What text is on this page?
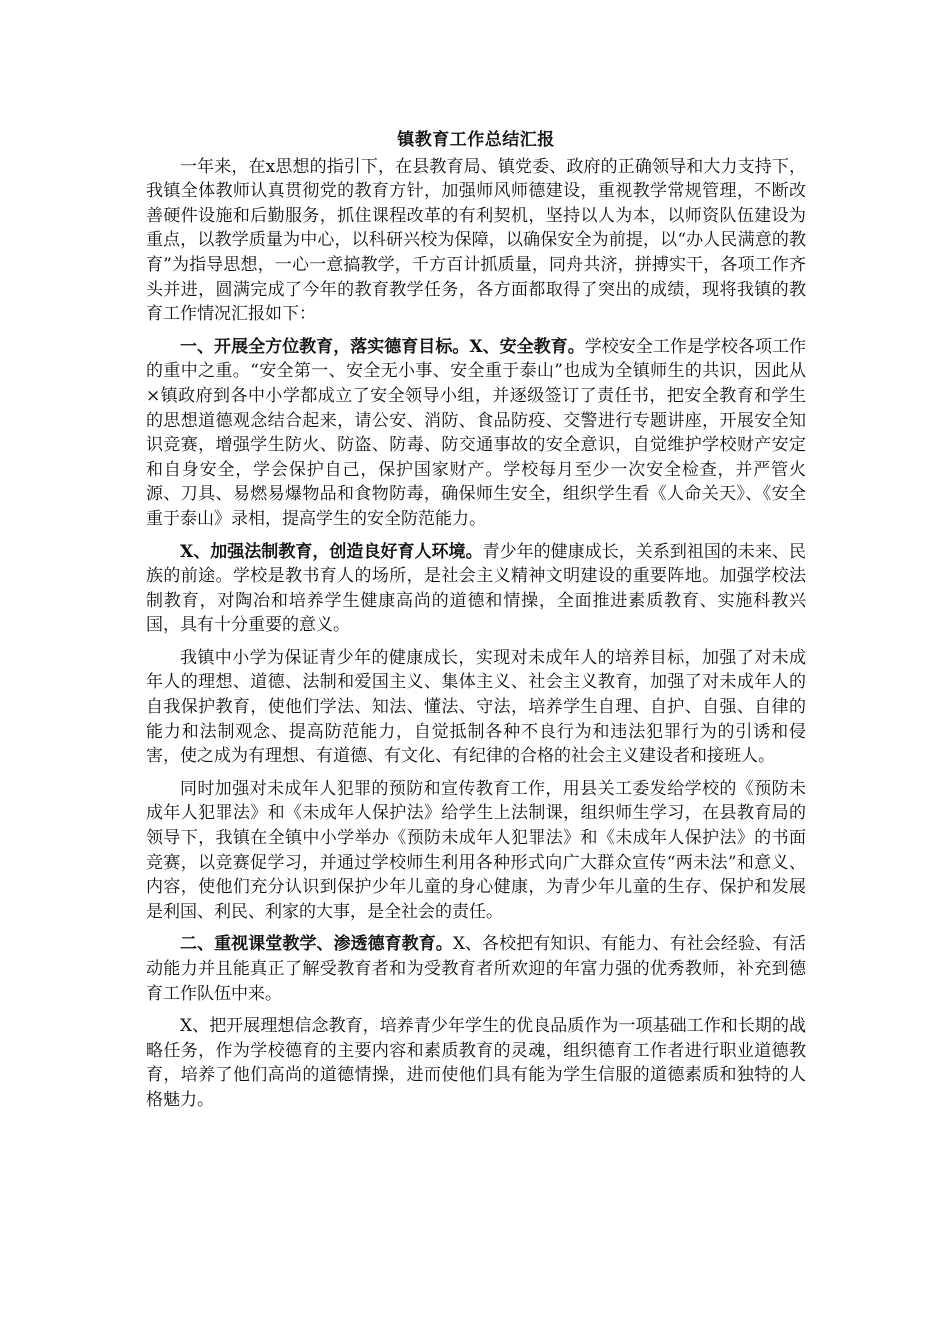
镇教育工作总结汇报

一年来，在x思想的指引下，在县教育局、镇党委、政府的正确领导和大力支持下，我镇全体教师认真贯彻党的教育方针，加强师风师德建设，重视教学常规管理，不断改善硬件设施和后勤服务，抓住课程改革的有利契机，坚持以人为本，以师资队伍建设为重点，以教学质量为中心，以科研兴校为保障，以确保安全为前提，以“办人民满意的教育”为指导思想，一心一意搞教学，千方百计抓质量，同舟共济，拼搏实干，各项工作齐头并进，圆满完成了今年的教育教学任务，各方面都取得了突出的成绩，现将我镇的教育工作情况汇报如下：

一、开展全方位教育，落实德育目标。X、安全教育。学校安全工作是学校各项工作的重中之重。“安全第一、安全无小事、安全重于泰山”也成为全镇师生的共识，因此从×镇政府到各中小学都成立了安全领导小组，并逐级签订了责任书，把安全教育和学生的思想道德观念结合起来，请公安、消防、食品防疫、交警进行专题讲座，开展安全知识竞赛，增强学生防火、防盗、防毒、防交通事故的安全意识，自觉维护学校财产安定和自身安全，学会保护自己，保护国家财产。学校每月至少一次安全检查，并严管火源、刀具、易燃易爆物品和食物防毒，确保师生安全，组织学生看《人命关天》、《安全重于泰山》录相，提高学生的安全防范能力。

X、加强法制教育，创造良好育人环境。青少年的健康成长，关系到祖国的未来、民族的前途。学校是教书育人的场所，是社会主义精神文明建设的重要阵地。加强学校法制教育，对陶冶和培养学生健康高尚的道德和情操，全面推进素质教育、实施科教兴国，具有十分重要的意义。

我镇中小学为保证青少年的健康成长，实现对未成年人的培养目标，加强了对未成年人的理想、道德、法制和爱国主义、集体主义、社会主义教育，加强了对未成年人的自我保护教育，使他们学法、知法、懂法、守法，培养学生自理、自护、自强、自律的能力和法制观念、提高防范能力，自觉抵制各种不良行为和违法犯罪行为的引诱和侵害，使之成为有理想、有道德、有文化、有纪律的合格的社会主义建设者和接班人。

同时加强对未成年人犯罪的预防和宣传教育工作，用县关工委发给学校的《预防未成年人犯罪法》和《未成年人保护法》给学生上法制课，组织师生学习，在县教育局的领导下，我镇在全镇中小学举办《预防未成年人犯罪法》和《未成年人保护法》的书面竞赛，以竞赛促学习，并通过学校师生利用各种形式向广大群众宣传“两未法”和意义、内容，使他们充分认识到保护少年儿童的身心健康，为青少年儿童的生存、保护和发展是利国、利民、利家的大事，是全社会的责任。

二、重视课堂教学、渗透德育教育。X、各校把有知识、有能力、有社会经验、有活动能力并且能真正了解受教育者和为受教育者所欢迎的年富力强的优秀教师，补充到德育工作队伍中来。

X、把开展理想信念教育，培养青少年学生的优良品质作为一项基础工作和长期的战略任务，作为学校德育的主要内容和素质教育的灵魂，组织德育工作者进行职业道德教育，培养了他们高尚的道德情操，进而使他们具有能为学生信服的道德素质和独特的人格魅力。
